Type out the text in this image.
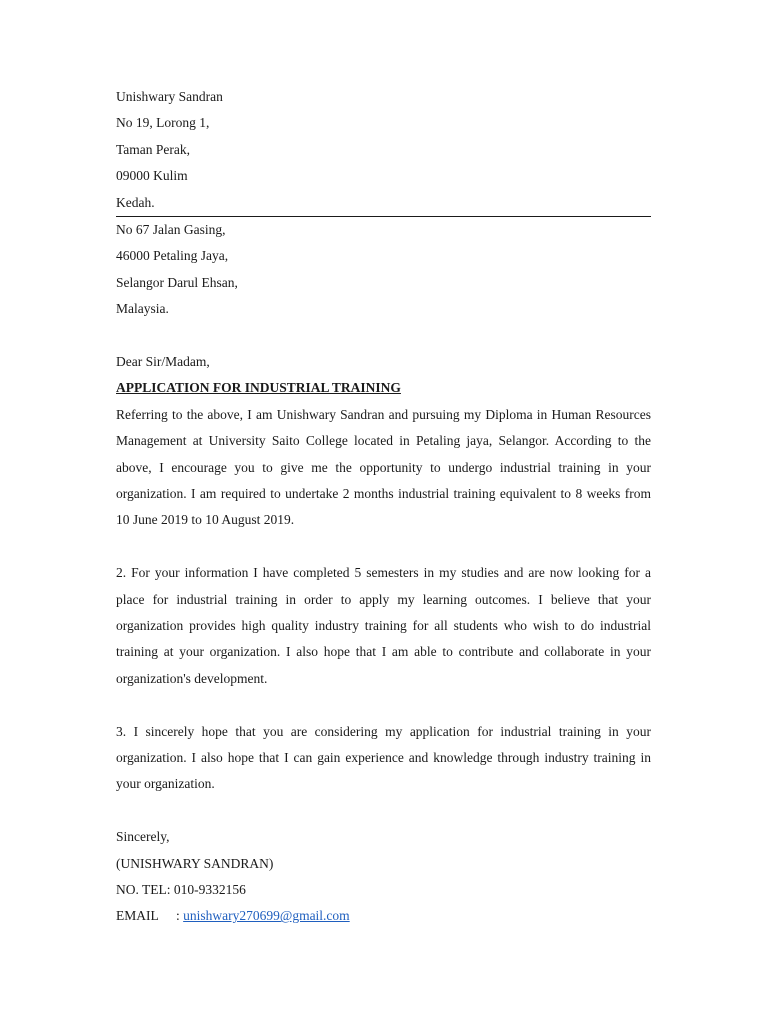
Unishwary Sandran

No 19, Lorong 1,

Taman Perak,

09000 Kulim

Kedah.

No 67 Jalan Gasing,

46000 Petaling Jaya,

Selangor Darul Ehsan,

Malaysia.

Dear Sir/Madam,

APPLICATION FOR INDUSTRIAL TRAINING

Referring to the above, I am Unishwary Sandran and pursuing my Diploma in Human Resources Management at University Saito College located in Petaling jaya, Selangor. According to the above, I encourage you to give me the opportunity to undergo industrial training in your organization. I am required to undertake 2 months industrial training equivalent to 8 weeks from 10 June 2019 to 10 August 2019.

2. For your information I have completed 5 semesters in my studies and are now looking for a place for industrial training in order to apply my learning outcomes. I believe that your organization provides high quality industry training for all students who wish to do industrial training at your organization. I also hope that I am able to contribute and collaborate in your organization's development.

3. I sincerely hope that you are considering my application for industrial training in your organization. I also hope that I can gain experience and knowledge through industry training in your organization.

Sincerely,

(UNISHWARY SANDRAN)

NO. TEL: 010-9332156

EMAIL : unishwary270699@gmail.com
